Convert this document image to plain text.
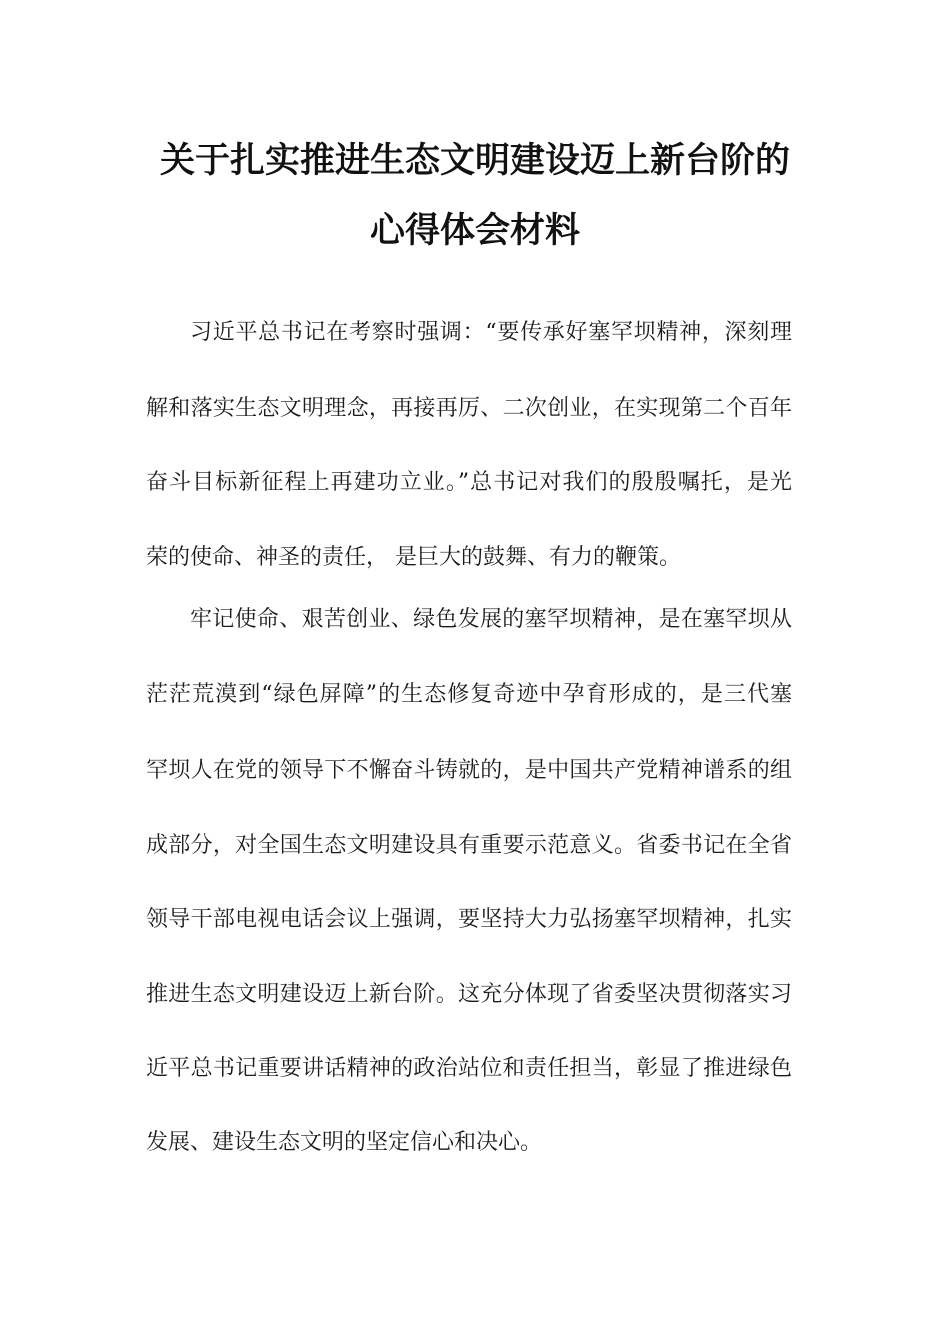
关于扎实推进生态文明建设迈上新台阶的
心得体会材料
习近平总书记在考察时强调：“要传承好塞罕坝精神，深刻理
解和落实生态文明理念，再接再厉、二次创业，在实现第二个百年
奋斗目标新征程上再建功立业。”总书记对我们的殷殷嘱托，是光
荣的使命、神圣的责任， 是巨大的鼓舞、有力的鞭策。
牢记使命、艰苦创业、绿色发展的塞罕坝精神，是在塞罕坝从
茫茫荒漠到“绿色屏障”的生态修复奇迹中孕育形成的，是三代塞
罕坝人在党的领导下不懈奋斗铸就的，是中国共产党精神谱系的组
成部分，对全国生态文明建设具有重要示范意义。省委书记在全省
领导干部电视电话会议上强调，要坚持大力弘扬塞罕坝精神，扎实
推进生态文明建设迈上新台阶。这充分体现了省委坚决贯彻落实习
近平总书记重要讲话精神的政治站位和责任担当，彰显了推进绿色
发展、建设生态文明的坚定信心和决心。
